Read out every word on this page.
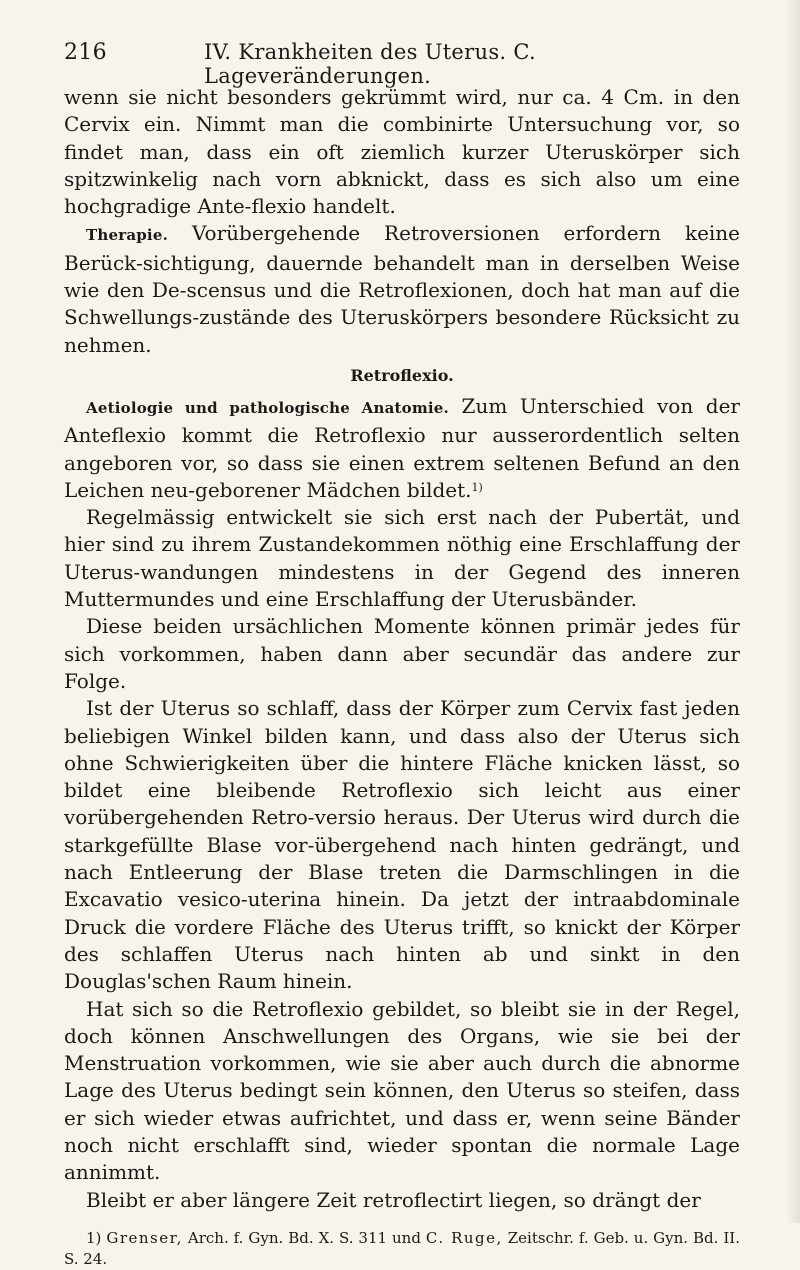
216	IV. Krankheiten des Uterus. C. Lageveränderungen.

wenn sie nicht besonders gekrümmt wird, nur ca. 4 Cm. in den Cervix ein. Nimmt man die combinirte Untersuchung vor, so findet man, dass ein oft ziemlich kurzer Uteruskörper sich spitzwinkelig nach vorn abknickt, dass es sich also um eine hochgradige Ante-flexio handelt.

Therapie. Vorübergehende Retroversionen erfordern keine Berück-sichtigung, dauernde behandelt man in derselben Weise wie den De-scensus und die Retroflexionen, doch hat man auf die Schwellungs-zustände des Uteruskörpers besondere Rücksicht zu nehmen.

Retroflexio.

Aetiologie und pathologische Anatomie. Zum Unterschied von der Anteflexio kommt die Retroflexio nur ausserordentlich selten angeboren vor, so dass sie einen extrem seltenen Befund an den Leichen neu-geborener Mädchen bildet.$^{1)}$

Regelmässig entwickelt sie sich erst nach der Pubertät, und hier sind zu ihrem Zustandekommen nöthig eine Erschlaffung der Uterus-wandungen mindestens in der Gegend des inneren Muttermundes und eine Erschlaffung der Uterusbänder.

Diese beiden ursächlichen Momente können primär jedes für sich vorkommen, haben dann aber secundär das andere zur Folge.

Ist der Uterus so schlaff, dass der Körper zum Cervix fast jeden beliebigen Winkel bilden kann, und dass also der Uterus sich ohne Schwierigkeiten über die hintere Fläche knicken lässt, so bildet eine bleibende Retroflexio sich leicht aus einer vorübergehenden Retro-versio heraus. Der Uterus wird durch die starkgefüllte Blase vor-übergehend nach hinten gedrängt, und nach Entleerung der Blase treten die Darmschlingen in die Excavatio vesico-uterina hinein. Da jetzt der intraabdominale Druck die vordere Fläche des Uterus trifft, so knickt der Körper des schlaffen Uterus nach hinten ab und sinkt in den Douglas'schen Raum hinein.

Hat sich so die Retroflexio gebildet, so bleibt sie in der Regel, doch können Anschwellungen des Organs, wie sie bei der Menstruation vorkommen, wie sie aber auch durch die abnorme Lage des Uterus bedingt sein können, den Uterus so steifen, dass er sich wieder etwas aufrichtet, und dass er, wenn seine Bänder noch nicht erschlafft sind, wieder spontan die normale Lage annimmt.

Bleibt er aber längere Zeit retroflectirt liegen, so drängt der

1) Grenser, Arch. f. Gyn. Bd. X. S. 311 und C. Ruge, Zeitschr. f. Geb. u. Gyn. Bd. II. S. 24.
